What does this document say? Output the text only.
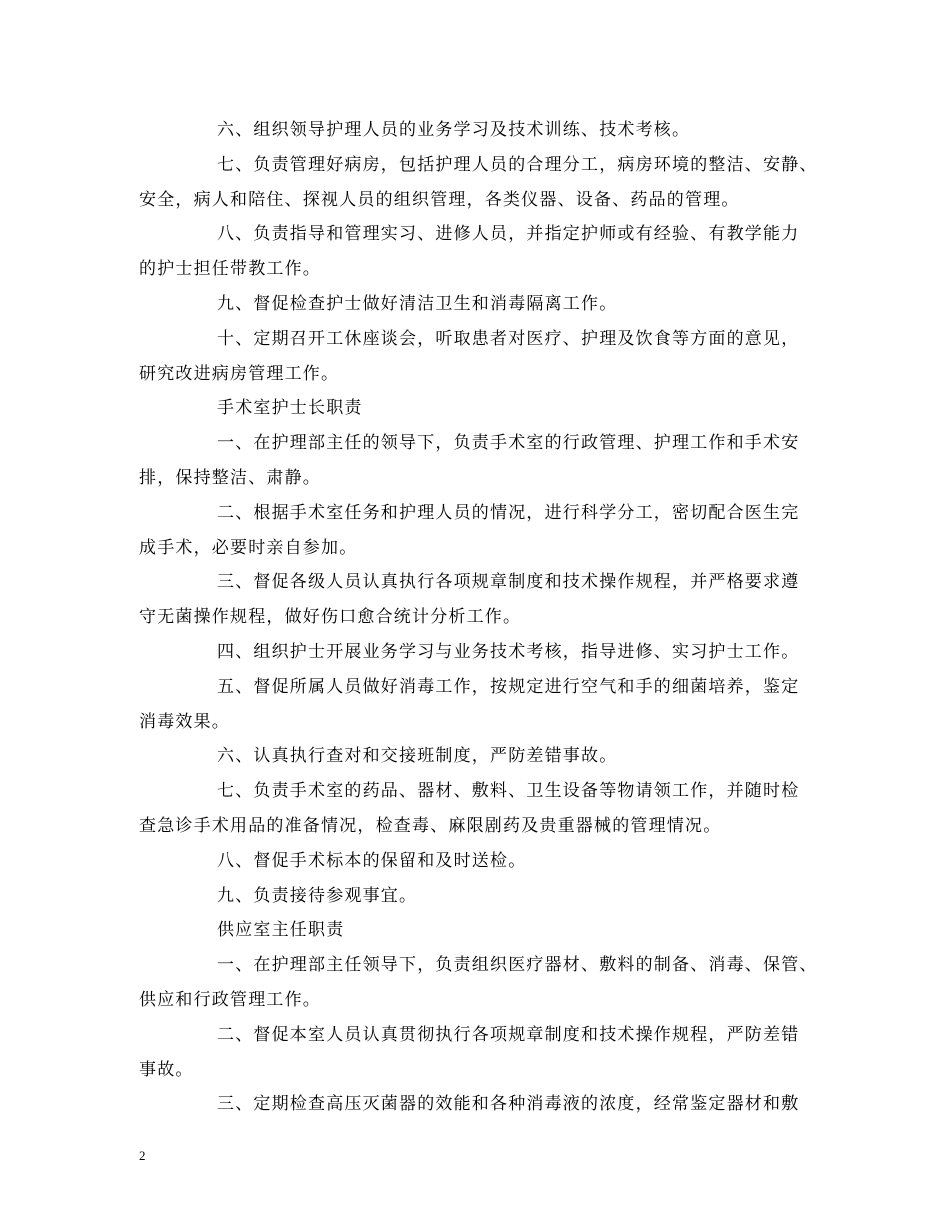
六、组织领导护理人员的业务学习及技术训练、技术考核。

七、负责管理好病房，包括护理人员的合理分工，病房环境的整洁、安静、

安全，病人和陪住、探视人员的组织管理，各类仪器、设备、药品的管理。

八、负责指导和管理实习、进修人员，并指定护师或有经验、有教学能力

的护士担任带教工作。

九、督促检查护士做好清洁卫生和消毒隔离工作。

十、定期召开工休座谈会，听取患者对医疗、护理及饮食等方面的意见，

研究改进病房管理工作。

手术室护士长职责

一、在护理部主任的领导下，负责手术室的行政管理、护理工作和手术安

排，保持整洁、肃静。

二、根据手术室任务和护理人员的情况，进行科学分工，密切配合医生完

成手术，必要时亲自参加。

三、督促各级人员认真执行各项规章制度和技术操作规程，并严格要求遵

守无菌操作规程，做好伤口愈合统计分析工作。

四、组织护士开展业务学习与业务技术考核，指导进修、实习护士工作。

五、督促所属人员做好消毒工作，按规定进行空气和手的细菌培养，鉴定

消毒效果。

六、认真执行查对和交接班制度，严防差错事故。

七、负责手术室的药品、器材、敷料、卫生设备等物请领工作，并随时检

查急诊手术用品的准备情况，检查毒、麻限剧药及贵重器械的管理情况。

八、督促手术标本的保留和及时送检。

九、负责接待参观事宜。

供应室主任职责

一、在护理部主任领导下，负责组织医疗器材、敷料的制备、消毒、保管、

供应和行政管理工作。

二、督促本室人员认真贯彻执行各项规章制度和技术操作规程，严防差错

事故。

三、定期检查高压灭菌器的效能和各种消毒液的浓度，经常鉴定器材和敷

2
